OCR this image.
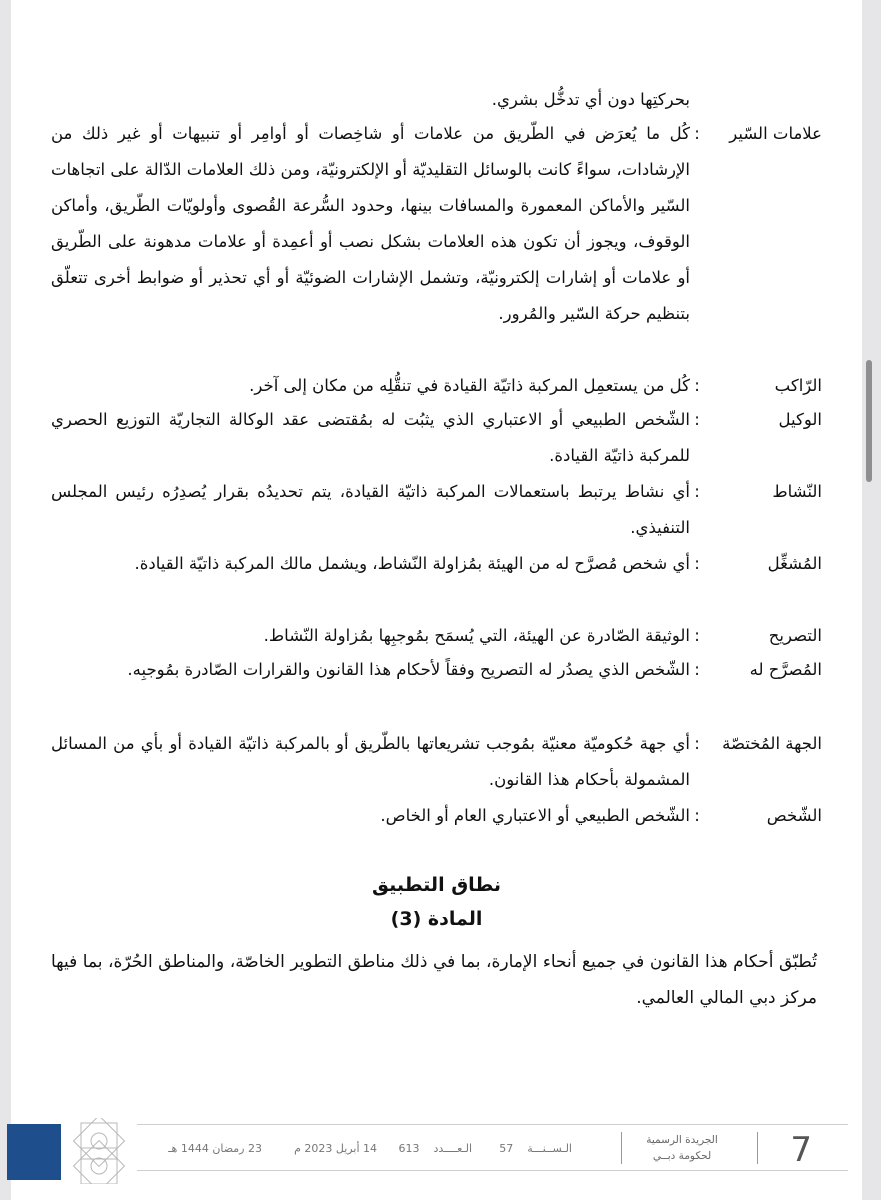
بحركتِها دون أي تدخُّل بشري.
علامات السّير
:
كُل ما يُعرَض في الطّريق من علامات أو شاخِصات أو أوامِر أو تنبيهات أو غير ذلك من الإرشادات، سواءً كانت بالوسائل التقليديّة أو الإلكترونيّة، ومن ذلك العلامات الدّالة على اتجاهات السّير والأماكن المعمورة والمسافات بينها، وحدود السُّرعة القُصوى وأولويّات الطّريق، وأماكن الوقوف، ويجوز أن تكون هذه العلامات بشكل نصب أو أعمِدة أو علامات مدهونة على الطّريق أو علامات أو إشارات إلكترونيّة، وتشمل الإشارات الضوئيّة أو أي تحذير أو ضوابط أخرى تتعلّق بتنظيم حركة السّير والمُرور.
الرّاكب
:
كُل من يستعمِل المركبة ذاتيّة القيادة في تنقُّلِه من مكان إلى آخر.
الوكيل
:
الشّخص الطبيعي أو الاعتباري الذي يثبُت له بمُقتضى عقد الوكالة التجاريّة التوزيع الحصري للمركبة ذاتيّة القيادة.
النّشاط
:
أي نشاط يرتبط باستعمالات المركبة ذاتيّة القيادة، يتم تحديدُه بقرار يُصدِرُه رئيس المجلس التنفيذي.
المُشغِّل
:
أي شخص مُصرَّح له من الهيئة بمُزاولة النّشاط، ويشمل مالك المركبة ذاتيّة القيادة.
التصريح
:
الوثيقة الصّادرة عن الهيئة، التي يُسمَح بمُوجبِها بمُزاولة النّشاط.
المُصرَّح له
:
الشّخص الذي يصدُر له التصريح وفقاً لأحكام هذا القانون والقرارات الصّادرة بمُوجبِه.
الجهة المُختصّة
:
أي جهة حُكوميّة معنيّة بمُوجب تشريعاتها بالطّريق أو بالمركبة ذاتيّة القيادة أو بأي من المسائل المشمولة بأحكام هذا القانون.
الشّخص
:
الشّخص الطبيعي أو الاعتباري العام أو الخاص.
نطاق التطبيق
المادة (3)
تُطبّق أحكام هذا القانون في جميع أنحاء الإمارة، بما في ذلك مناطق التطوير الخاصّة، والمناطق الحُرّة، بما فيها مركز دبي المالي العالمي.
7
الجريدة الرسمية
لحكومة دبــي
الـســنـــة    57
الـعــــدد    613
14 أبريل 2023 م
23 رمضان 1444 هـ
